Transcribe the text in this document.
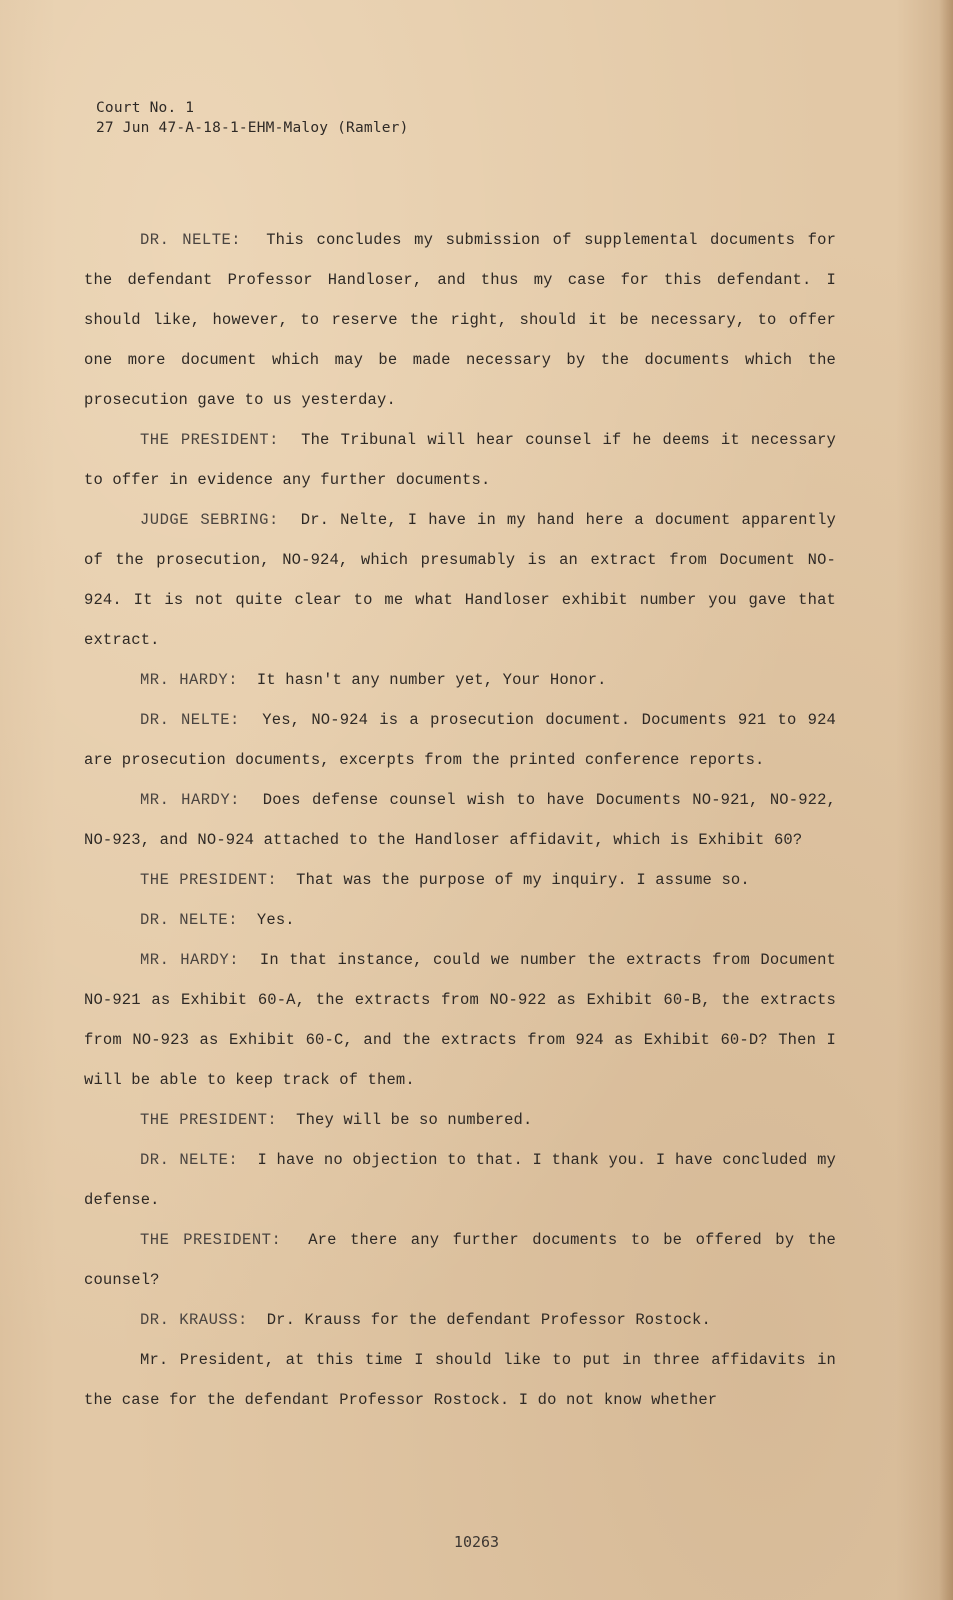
Court No. 1
27 Jun 47-A-18-1-EHM-Maloy (Ramler)

DR. NELTE: This concludes my submission of supplemental documents for the defendant Professor Handloser, and thus my case for this defendant. I should like, however, to reserve the right, should it be necessary, to offer one more document which may be made necessary by the documents which the prosecution gave to us yesterday.

THE PRESIDENT: The Tribunal will hear counsel if he deems it necessary to offer in evidence any further documents.

JUDGE SEBRING: Dr. Nelte, I have in my hand here a document apparently of the prosecution, NO-924, which presumably is an extract from Document NO-924. It is not quite clear to me what Handloser exhibit number you gave that extract.

MR. HARDY: It hasn't any number yet, Your Honor.

DR. NELTE: Yes, NO-924 is a prosecution document. Documents 921 to 924 are prosecution documents, excerpts from the printed conference reports.

MR. HARDY: Does defense counsel wish to have Documents NO-921, NO-922, NO-923, and NO-924 attached to the Handloser affidavit, which is Exhibit 60?

THE PRESIDENT: That was the purpose of my inquiry. I assume so.

DR. NELTE: Yes.

MR. HARDY: In that instance, could we number the extracts from Document NO-921 as Exhibit 60-A, the extracts from NO-922 as Exhibit 60-B, the extracts from NO-923 as Exhibit 60-C, and the extracts from 924 as Exhibit 60-D? Then I will be able to keep track of them.

THE PRESIDENT: They will be so numbered.

DR. NELTE: I have no objection to that. I thank you. I have concluded my defense.

THE PRESIDENT: Are there any further documents to be offered by the counsel?

DR. KRAUSS: Dr. Krauss for the defendant Professor Rostock.

Mr. President, at this time I should like to put in three affidavits in the case for the defendant Professor Rostock. I do not know whether

10263
